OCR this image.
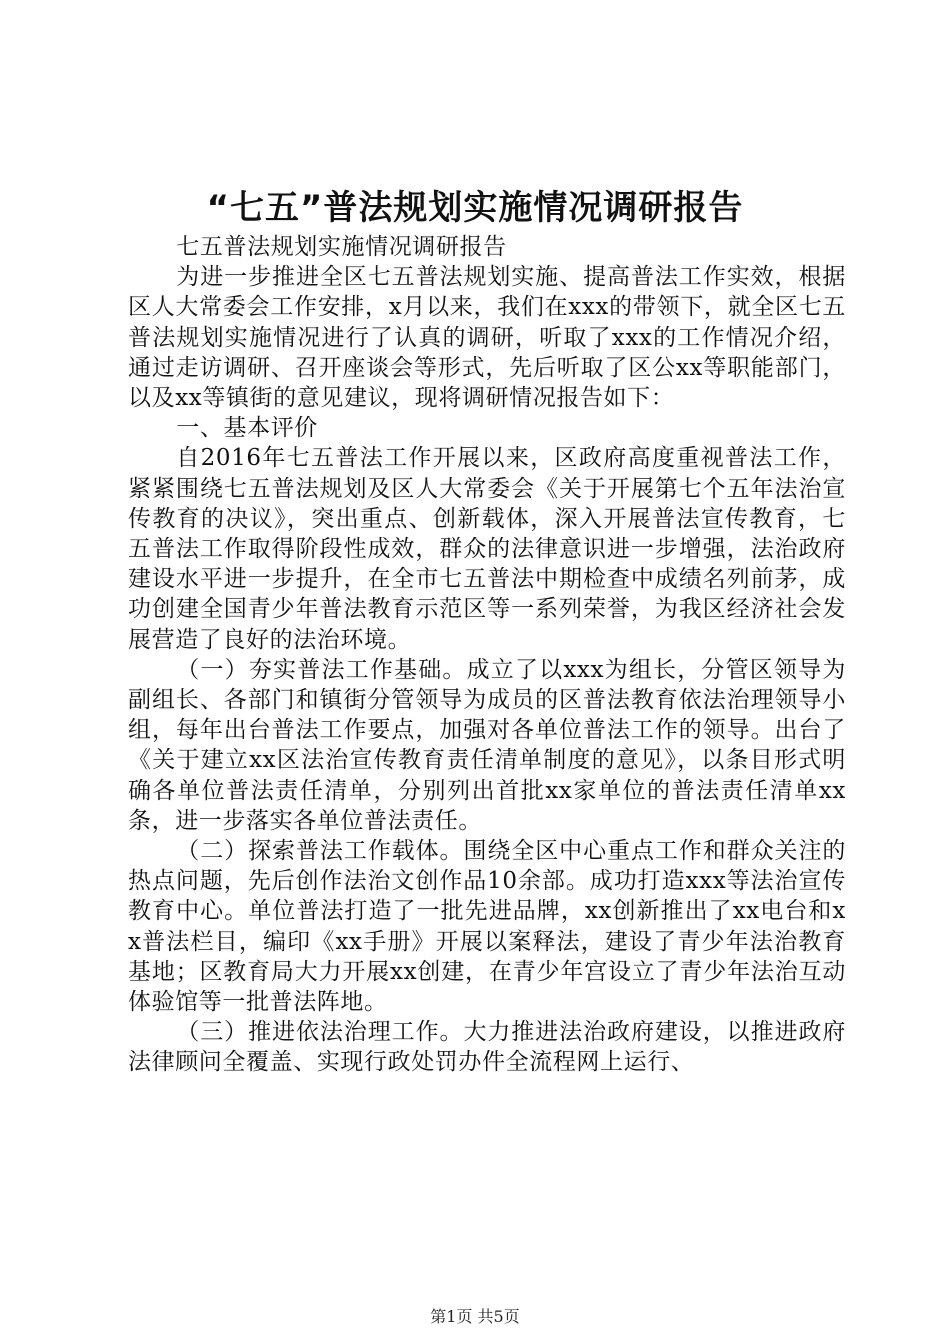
“七五”普法规划实施情况调研报告

七五普法规划实施情况调研报告

为进一步推进全区七五普法规划实施、提高普法工作实效，根据区人大常委会工作安排，x月以来，我们在xxx的带领下，就全区七五普法规划实施情况进行了认真的调研，听取了xxx的工作情况介绍，通过走访调研、召开座谈会等形式，先后听取了区公xx等职能部门，以及xx等镇街的意见建议，现将调研情况报告如下：

一、基本评价

自2016年七五普法工作开展以来，区政府高度重视普法工作，紧紧围绕七五普法规划及区人大常委会《关于开展第七个五年法治宣传教育的决议》，突出重点、创新载体，深入开展普法宣传教育，七五普法工作取得阶段性成效，群众的法律意识进一步增强，法治政府建设水平进一步提升，在全市七五普法中期检查中成绩名列前茅，成功创建全国青少年普法教育示范区等一系列荣誉，为我区经济社会发展营造了良好的法治环境。

（一）夯实普法工作基础。成立了以xxx为组长，分管区领导为副组长、各部门和镇街分管领导为成员的区普法教育依法治理领导小组，每年出台普法工作要点，加强对各单位普法工作的领导。出台了《关于建立xx区法治宣传教育责任清单制度的意见》，以条目形式明确各单位普法责任清单，分别列出首批xx家单位的普法责任清单xx条，进一步落实各单位普法责任。

（二）探索普法工作载体。围绕全区中心重点工作和群众关注的热点问题，先后创作法治文创作品10余部。成功打造xxx等法治宣传教育中心。单位普法打造了一批先进品牌，xx创新推出了xx电台和xx普法栏目，编印《xx手册》开展以案释法，建设了青少年法治教育基地；区教育局大力开展xx创建，在青少年宫设立了青少年法治互动体验馆等一批普法阵地。

（三）推进依法治理工作。大力推进法治政府建设，以推进政府法律顾问全覆盖、实现行政处罚办件全流程网上运行、

第1页 共5页
